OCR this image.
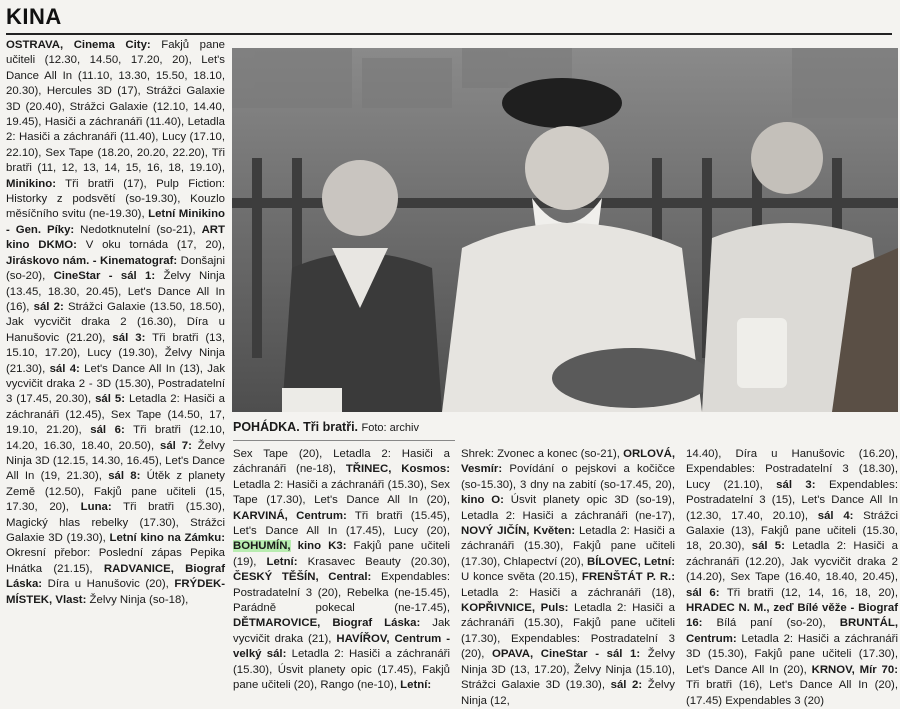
KINA

OSTRAVA, Cinema City: Fakjů pane učiteli (12.30, 14.50, 17.20, 20), Let's Dance All In (11.10, 13.30, 15.50, 18.10, 20.30), Hercules 3D (17), Strážci Galaxie 3D (20.40), Strážci Galaxie (12.10, 14.40, 19.45), Hasiči a záchranáři (11.40), Letadla 2: Hasiči a záchranáři (11.40), Lucy (17.10, 22.10), Sex Tape (18.20, 20.20, 22.20), Tři bratři (11, 12, 13, 14, 15, 16, 18, 19.10), Minikino: Tři bratři (17), Pulp Fiction: Historky z podsvětí (so-19.30), Kouzlo měsíčního svitu (ne-19.30), Letní Minikino - Gen. Píky: Nedotknutelní (so-21), ART kino DKMO: V oku tornáda (17, 20), Jiráskovo nám. - Kinematograf: Donšajni (so-20), CineStar - sál 1: Želvy Ninja (13.45, 18.30, 20.45), Let's Dance All In (16), sál 2: Strážci Galaxie (13.50, 18.50), Jak vycvičit draka 2 (16.30), Díra u Hanušovic (21.20), sál 3: Tři bratři (13, 15.10, 17.20), Lucy (19.30), Želvy Ninja (21.30), sál 4: Let's Dance All In (13), Jak vycvičit draka 2 - 3D (15.30), Postradatelní 3 (17.45, 20.30), sál 5: Letadla 2: Hasiči a záchranáři (12.45), Sex Tape (14.50, 17, 19.10, 21.20), sál 6: Tři bratři (12.10, 14.20, 16.30, 18.40, 20.50), sál 7: Želvy Ninja 3D (12.15, 14.30, 16.45), Let's Dance All In (19, 21.30), sál 8: Útěk z planety Země (12.50), Fakjů pane učiteli (15, 17.30, 20), Luna: Tři bratři (15.30), Magický hlas rebelky (17.30), Strážci Galaxie 3D (19.30), Letní kino na Zámku: Okresní přebor: Poslední zápas Pepika Hnátka (21.15), RADVANICE, Biograf Láska: Díra u Hanušovic (20), FRÝDEK-MÍSTEK, Vlast: Želvy Ninja (so-18),

POHÁDKA. Tři bratři. Foto: archiv

Sex Tape (20), Letadla 2: Hasiči a záchranáři (ne-18), TŘINEC, Kosmos: Letadla 2: Hasiči a záchranáři (15.30), Sex Tape (17.30), Let's Dance All In (20), KARVINÁ, Centrum: Tři bratři (15.45), Let's Dance All In (17.45), Lucy (20), BOHUMÍN, kino K3: Fakjů pane učiteli (19), Letní: Krasavec Beauty (20.30), ČESKÝ TĚŠÍN, Central: Expendables: Postradatelní 3 (20), Rebelka (ne-15.45), Parádně pokecal (ne-17.45), DĚTMAROVICE, Biograf Láska: Jak vycvičit draka (21), HAVÍŘOV, Centrum - velký sál: Letadla 2: Hasiči a záchranáři (15.30), Úsvit planety opic (17.45), Fakjů pane učiteli (20), Rango (ne-10), Letní:

Shrek: Zvonec a konec (so-21), ORLOVÁ, Vesmír: Povídání o pejskovi a kočičce (so-15.30), 3 dny na zabití (so-17.45, 20), kino O: Úsvit planety opic 3D (so-19), Letadla 2: Hasiči a záchranáři (ne-17), NOVÝ JIČÍN, Květen: Letadla 2: Hasiči a záchranáři (15.30), Fakjů pane učiteli (17.30), Chlapectví (20), BÍLOVEC, Letní: U konce světa (20.15), FRENŠTÁT P. R.: Letadla 2: Hasiči a záchranáři (18), KOPŘIVNICE, Puls: Letadla 2: Hasiči a záchranáři (15.30), Fakjů pane učiteli (17.30), Expendables: Postradatelní 3 (20), OPAVA, CineStar - sál 1: Želvy Ninja 3D (13, 17.20), Želvy Ninja (15.10), Strážci Galaxie 3D (19.30), sál 2: Želvy Ninja (12,

14.40), Díra u Hanušovic (16.20), Expendables: Postradatelní 3 (18.30), Lucy (21.10), sál 3: Expendables: Postradatelní 3 (15), Let's Dance All In (12.30, 17.40, 20.10), sál 4: Strážci Galaxie (13), Fakjů pane učiteli (15.30, 18, 20.30), sál 5: Letadla 2: Hasiči a záchranáři (12.20), Jak vycvičit draka 2 (14.20), Sex Tape (16.40, 18.40, 20.45), sál 6: Tři bratři (12, 14, 16, 18, 20), HRADEC N. M., zeď Bílé věže - Biograf 16: Bílá paní (so-20), BRUNTÁL, Centrum: Letadla 2: Hasiči a záchranáři 3D (15.30), Fakjů pane učiteli (17.30), Let's Dance All In (20), KRNOV, Mír 70: Tři bratři (16), Let's Dance All In (20), (17.45) Expendables 3 (20)
